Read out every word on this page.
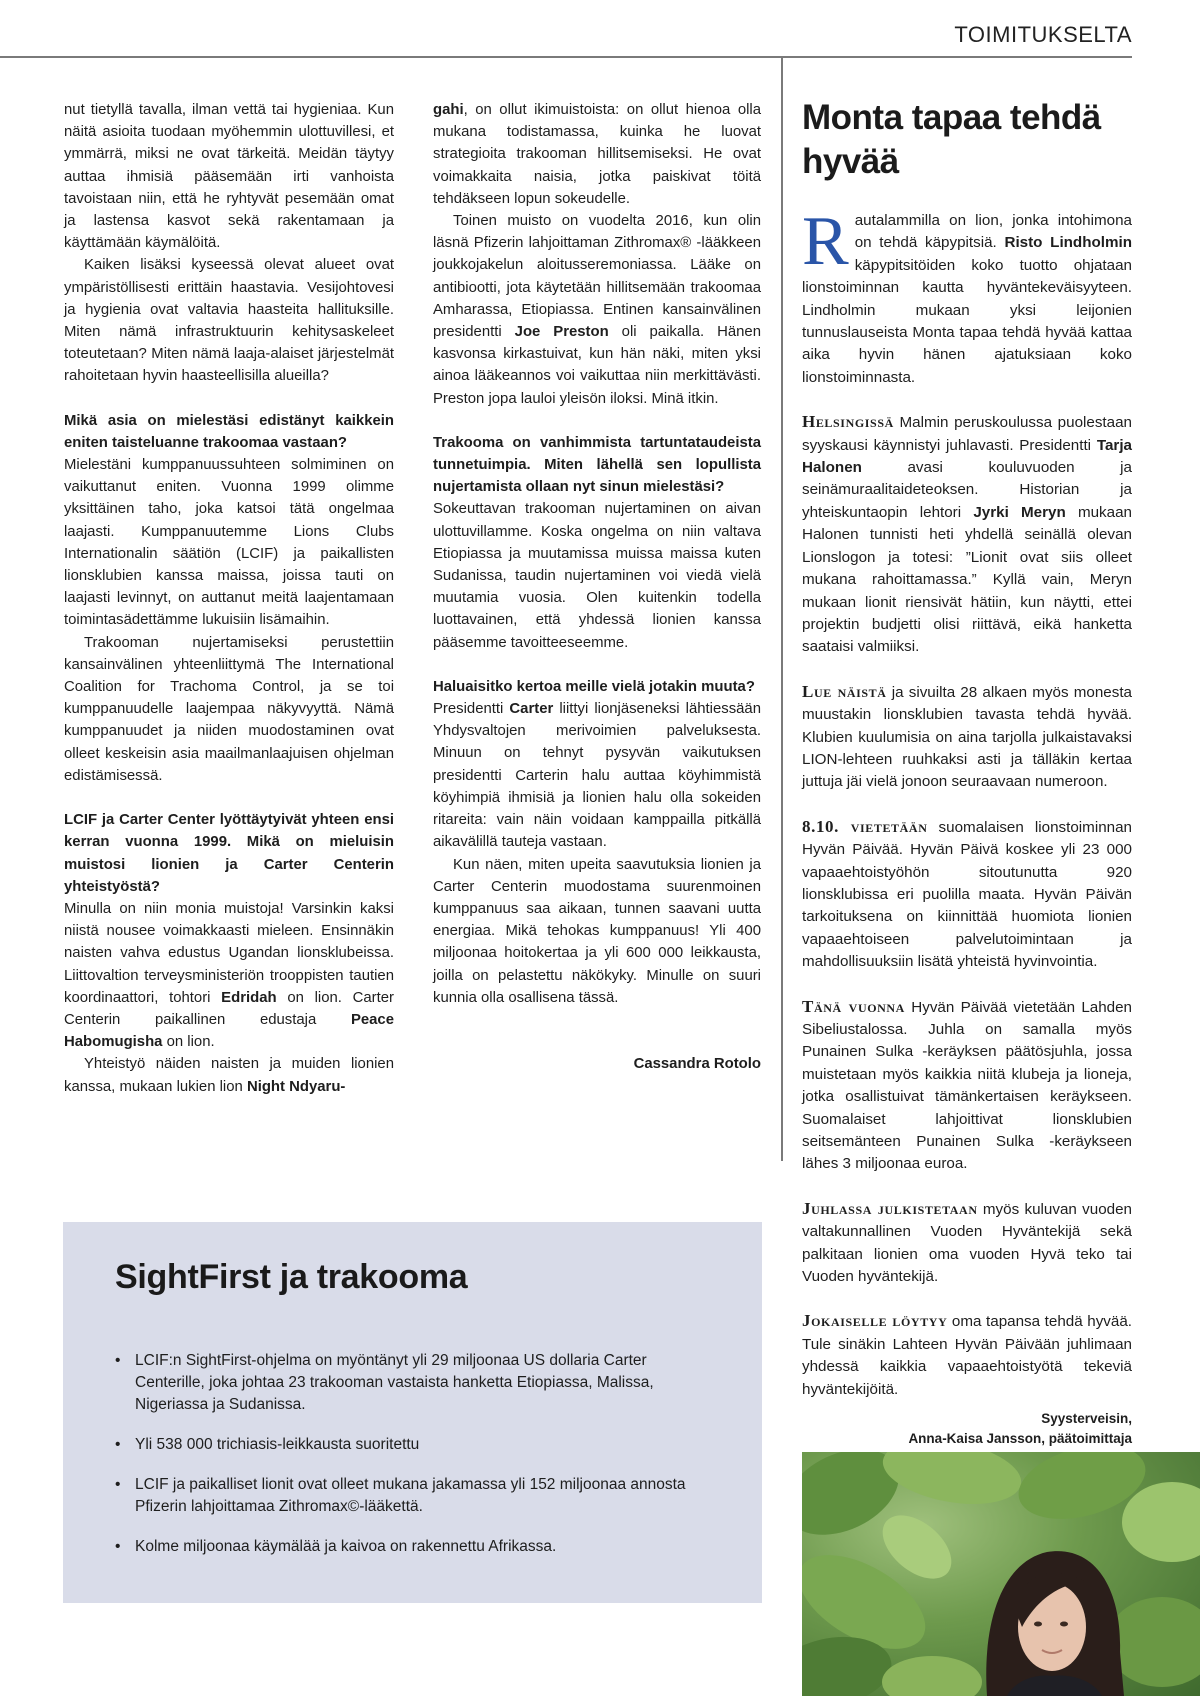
TOIMITUKSELTA

nut tietyllä tavalla, ilman vettä tai hygieniaa. Kun näitä asioita tuodaan myöhemmin ulottuvillesi, et ymmärrä, miksi ne ovat tärkeitä. Meidän täytyy auttaa ihmisiä pääsemään irti vanhoista tavoistaan niin, että he ryhtyvät pesemään omat ja lastensa kasvot sekä rakentamaan ja käyttämään käymälöitä.

Kaiken lisäksi kyseessä olevat alueet ovat ympäristöllisesti erittäin haastavia. Vesijohtovesi ja hygienia ovat valtavia haasteita hallituksille. Miten nämä infrastruktuurin kehitysaskeleet toteutetaan? Miten nämä laaja-alaiset järjestelmät rahoitetaan hyvin haasteellisilla alueilla?

Mikä asia on mielestäsi edistänyt kaikkein eniten taisteluanne trakoomaa vastaan?

Mielestäni kumppanuussuhteen solmiminen on vaikuttanut eniten. Vuonna 1999 olimme yksittäinen taho, joka katsoi tätä ongelmaa laajasti. Kumppanuutemme Lions Clubs Internationalin säätiön (LCIF) ja paikallisten lionsklubien kanssa maissa, joissa tauti on laajasti levinnyt, on auttanut meitä laajentamaan toimintasädettämme lukuisiin lisämaihin.

Trakooman nujertamiseksi perustettiin kansainvälinen yhteenliittymä The International Coalition for Trachoma Control, ja se toi kumppanuudelle laajempaa näkyvyyttä. Nämä kumppanuudet ja niiden muodostaminen ovat olleet keskeisin asia maailmanlaajuisen ohjelman edistämisessä.

LCIF ja Carter Center lyöttäytyivät yhteen ensi kerran vuonna 1999. Mikä on mieluisin muistosi lionien ja Carter Centerin yhteistyöstä?

Minulla on niin monia muistoja! Varsinkin kaksi niistä nousee voimakkaasti mieleen. Ensinnäkin naisten vahva edustus Ugandan lionsklubeissa. Liittovaltion terveysministeriön trooppisten tautien koordinaattori, tohtori Edridah on lion. Carter Centerin paikallinen edustaja Peace Habomugisha on lion.

Yhteistyö näiden naisten ja muiden lionien kanssa, mukaan lukien lion Night Ndyaru-

gahi, on ollut ikimuistoista: on ollut hienoa olla mukana todistamassa, kuinka he luovat strategioita trakooman hillitsemiseksi. He ovat voimakkaita naisia, jotka paiskivat töitä tehdäkseen lopun sokeudelle.

Toinen muisto on vuodelta 2016, kun olin läsnä Pfizerin lahjoittaman Zithromax® -lääkkeen joukkojakelun aloitusseremoniassa. Lääke on antibiootti, jota käytetään hillitsemään trakoomaa Amharassa, Etiopiassa. Entinen kansainvälinen presidentti Joe Preston oli paikalla. Hänen kasvonsa kirkastuivat, kun hän näki, miten yksi ainoa lääkeannos voi vaikuttaa niin merkittävästi. Preston jopa lauloi yleisön iloksi. Minä itkin.

Trakooma on vanhimmista tartuntataudeista tunnetuimpia. Miten lähellä sen lopullista nujertamista ollaan nyt sinun mielestäsi?

Sokeuttavan trakooman nujertaminen on aivan ulottuvillamme. Koska ongelma on niin valtava Etiopiassa ja muutamissa muissa maissa kuten Sudanissa, taudin nujertaminen voi viedä vielä muutamia vuosia. Olen kuitenkin todella luottavainen, että yhdessä lionien kanssa pääsemme tavoitteeseemme.

Haluaisitko kertoa meille vielä jotakin muuta?

Presidentti Carter liittyi lionjäseneksi lähtiessään Yhdysvaltojen merivoimien palveluksesta. Minuun on tehnyt pysyvän vaikutuksen presidentti Carterin halu auttaa köyhimmistä köyhimpiä ihmisiä ja lionien halu olla sokeiden ritareita: vain näin voidaan kamppailla pitkällä aikavälillä tauteja vastaan.

Kun näen, miten upeita saavutuksia lionien ja Carter Centerin muodostama suurenmoinen kumppanuus saa aikaan, tunnen saavani uutta energiaa. Mikä tehokas kumppanuus! Yli 400 miljoonaa hoitokertaa ja yli 600 000 leikkausta, joilla on pelastettu näkökyky. Minulle on suuri kunnia olla osallisena tässä.

Cassandra Rotolo

Monta tapaa tehdä hyvää

Rautalammilla on lion, jonka intohimona on tehdä käpypitsiä. Risto Lindholmin käpypitsitöiden koko tuotto ohjataan lionstoiminnan kautta hyväntekeväisyyteen. Lindholmin mukaan yksi leijonien tunnuslauseista Monta tapaa tehdä hyvää kattaa aika hyvin hänen ajatuksiaan koko lionstoiminnasta.

Helsingissä Malmin peruskoulussa puolestaan syyskausi käynnistyi juhlavasti. Presidentti Tarja Halonen avasi kouluvuoden ja seinämuraalitaideteoksen. Historian ja yhteiskuntaopin lehtori Jyrki Meryn mukaan Halonen tunnisti heti yhdellä seinällä olevan Lionslogon ja totesi: ”Lionit ovat siis olleet mukana rahoittamassa.” Kyllä vain, Meryn mukaan lionit riensivät hätiin, kun näytti, ettei projektin budjetti olisi riittävä, eikä hanketta saataisi valmiiksi.

Lue näistä ja sivuilta 28 alkaen myös monesta muustakin lionsklubien tavasta tehdä hyvää. Klubien kuulumisia on aina tarjolla julkaistavaksi LION-lehteen ruuhkaksi asti ja tälläkin kertaa juttuja jäi vielä jonoon seuraavaan numeroon.

8.10. vietetään suomalaisen lionstoiminnan Hyvän Päivää. Hyvän Päivä koskee yli 23 000 vapaaehtoistyöhön sitoutunutta 920 lionsklubissa eri puolilla maata. Hyvän Päivän tarkoituksena on kiinnittää huomiota lionien vapaaehtoiseen palvelutoimintaan ja mahdollisuuksiin lisätä yhteistä hyvinvointia.

Tänä vuonna Hyvän Päivää vietetään Lahden Sibeliustalossa. Juhla on samalla myös Punainen Sulka -keräyksen päätösjuhla, jossa muistetaan myös kaikkia niitä klubeja ja lioneja, jotka osallistuivat tämänkertaisen keräykseen. Suomalaiset lahjoittivat lionsklubien seitsemänteen Punainen Sulka -keräykseen lähes 3 miljoonaa euroa.

Juhlassa julkistetaan myös kuluvan vuoden valtakunnallinen Vuoden Hyväntekijä sekä palkitaan lionien oma vuoden Hyvä teko tai Vuoden hyväntekijä.

Jokaiselle löytyy oma tapansa tehdä hyvää. Tule sinäkin Lahteen Hyvän Päivään juhlimaan yhdessä kaikkia vapaaehtoistyötä tekeviä hyväntekijöitä.

Syysterveisin,
Anna-Kaisa Jansson, päätoimittaja
SightFirst ja trakooma
• LCIF:n SightFirst-ohjelma on myöntänyt yli 29 miljoonaa US dollaria Carter Centerille, joka johtaa 23 trakooman vastaista hanketta Etiopiassa, Malissa, Nigeriassa ja Sudanissa.
• Yli 538 000 trichiasis-leikkausta suoritettu
• LCIF ja paikalliset lionit ovat olleet mukana jakamassa yli 152 miljoonaa annosta Pfizerin lahjoittamaa Zithromax©-lääkettä.
• Kolme miljoonaa käymälää ja kaivoa on rakennettu Afrikassa.
